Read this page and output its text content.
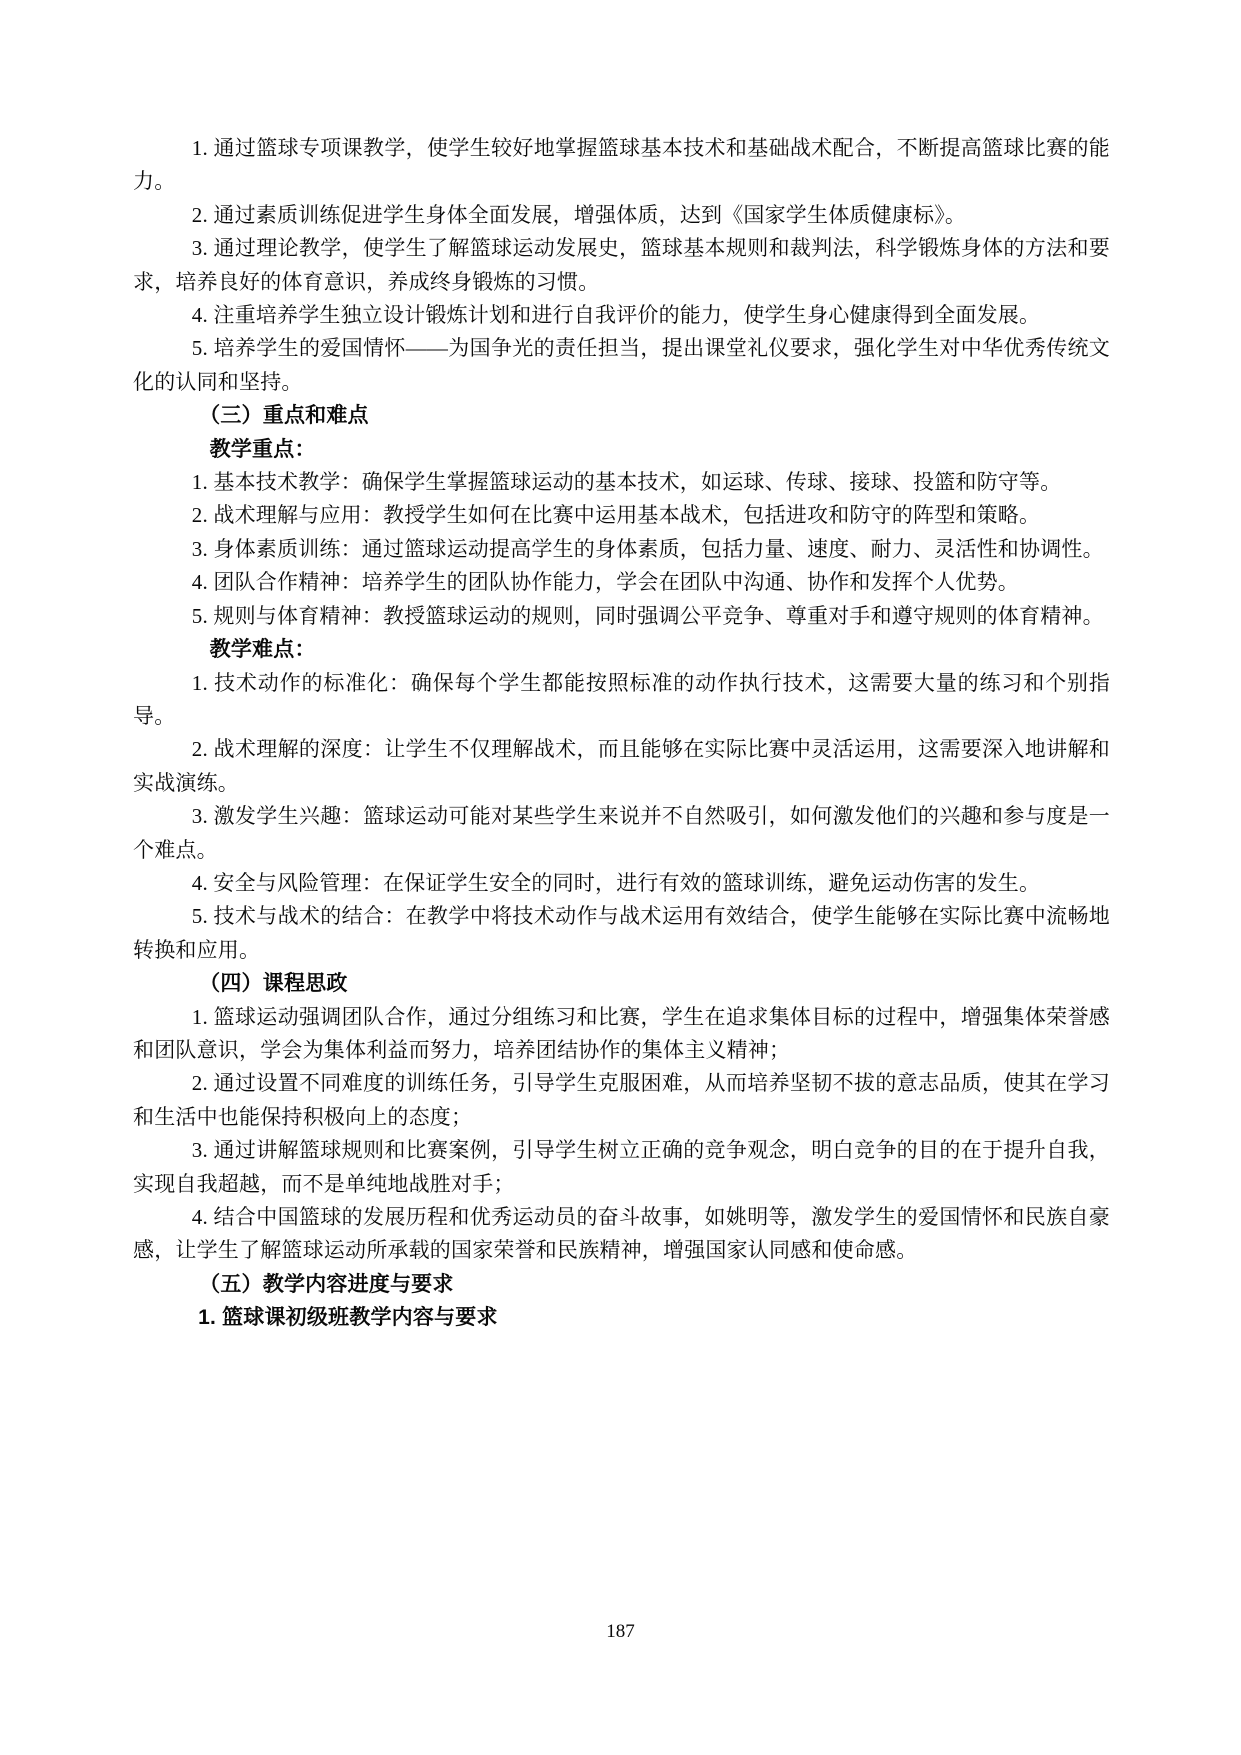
1. 通过篮球专项课教学，使学生较好地掌握篮球基本技术和基础战术配合，不断提高篮球比赛的能力。

2. 通过素质训练促进学生身体全面发展，增强体质，达到《国家学生体质健康标》。

3. 通过理论教学，使学生了解篮球运动发展史，篮球基本规则和裁判法，科学锻炼身体的方法和要求，培养良好的体育意识，养成终身锻炼的习惯。

4. 注重培养学生独立设计锻炼计划和进行自我评价的能力，使学生身心健康得到全面发展。

5. 培养学生的爱国情怀——为国争光的责任担当，提出课堂礼仪要求，强化学生对中华优秀传统文化的认同和坚持。

（三）重点和难点

教学重点：

1. 基本技术教学：确保学生掌握篮球运动的基本技术，如运球、传球、接球、投篮和防守等。

2. 战术理解与应用：教授学生如何在比赛中运用基本战术，包括进攻和防守的阵型和策略。

3. 身体素质训练：通过篮球运动提高学生的身体素质，包括力量、速度、耐力、灵活性和协调性。

4. 团队合作精神：培养学生的团队协作能力，学会在团队中沟通、协作和发挥个人优势。

5. 规则与体育精神：教授篮球运动的规则，同时强调公平竞争、尊重对手和遵守规则的体育精神。

教学难点：

1. 技术动作的标准化：确保每个学生都能按照标准的动作执行技术，这需要大量的练习和个别指导。

2. 战术理解的深度：让学生不仅理解战术，而且能够在实际比赛中灵活运用，这需要深入地讲解和实战演练。

3. 激发学生兴趣：篮球运动可能对某些学生来说并不自然吸引，如何激发他们的兴趣和参与度是一个难点。

4. 安全与风险管理：在保证学生安全的同时，进行有效的篮球训练，避免运动伤害的发生。

5. 技术与战术的结合：在教学中将技术动作与战术运用有效结合，使学生能够在实际比赛中流畅地转换和应用。

（四）课程思政

1. 篮球运动强调团队合作，通过分组练习和比赛，学生在追求集体目标的过程中，增强集体荣誉感和团队意识，学会为集体利益而努力，培养团结协作的集体主义精神；

2. 通过设置不同难度的训练任务，引导学生克服困难，从而培养坚韧不拔的意志品质，使其在学习和生活中也能保持积极向上的态度；

3. 通过讲解篮球规则和比赛案例，引导学生树立正确的竞争观念，明白竞争的目的在于提升自我，实现自我超越，而不是单纯地战胜对手；

4. 结合中国篮球的发展历程和优秀运动员的奋斗故事，如姚明等，激发学生的爱国情怀和民族自豪感，让学生了解篮球运动所承载的国家荣誉和民族精神，增强国家认同感和使命感。

（五）教学内容进度与要求

1. 篮球课初级班教学内容与要求

187
